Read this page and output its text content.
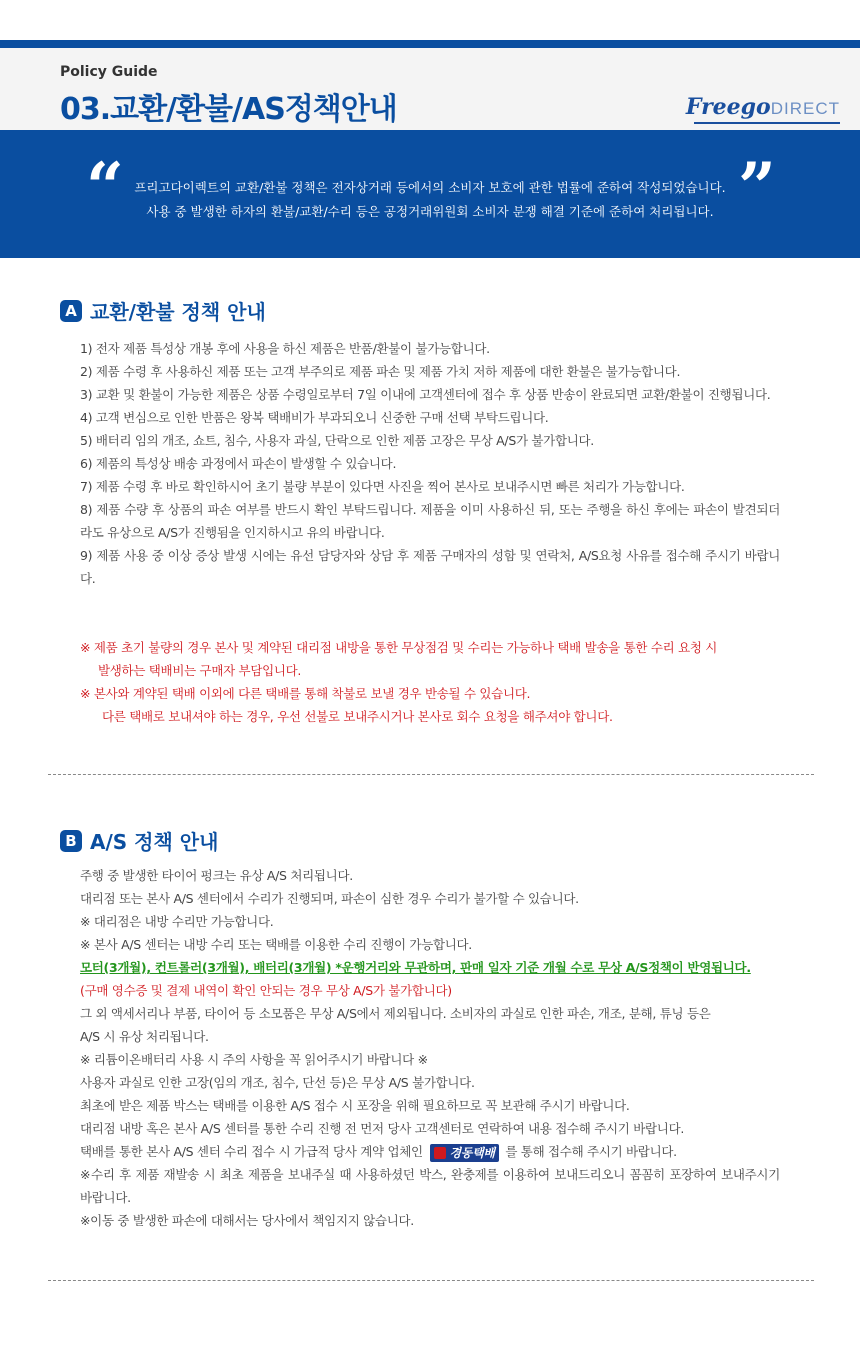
Policy Guide
03.교환/환불/AS정책안내	FreegoDIRECT
“	”
프리고다이렉트의 교환/환불 정책은 전자상거래 등에서의 소비자 보호에 관한 법률에 준하여 작성되었습니다.
사용 중 발생한 하자의 환불/교환/수리 등은 공정거래위원회 소비자 분쟁 해결 기준에 준하여 처리됩니다.
A 교환/환불 정책 안내

1) 전자 제품 특성상 개봉 후에 사용을 하신 제품은 반품/환불이 불가능합니다.

2) 제품 수령 후 사용하신 제품 또는 고객 부주의로 제품 파손 및 제품 가치 저하 제품에 대한 환불은 불가능합니다.

3) 교환 및 환불이 가능한 제품은 상품 수령일로부터 7일 이내에 고객센터에 접수 후 상품 반송이 완료되면 교환/환불이 진행됩니다.

4) 고객 변심으로 인한 반품은 왕복 택배비가 부과되오니 신중한 구매 선택 부탁드립니다.

5) 배터리 임의 개조, 쇼트, 침수, 사용자 과실, 단락으로 인한 제품 고장은 무상 A/S가 불가합니다.

6) 제품의 특성상 배송 과정에서 파손이 발생할 수 있습니다.

7) 제품 수령 후 바로 확인하시어 초기 불량 부분이 있다면 사진을 찍어 본사로 보내주시면 빠른 처리가 가능합니다.

8) 제품 수량 후 상품의 파손 여부를 반드시 확인 부탁드립니다. 제품을 이미 사용하신 뒤, 또는 주행을 하신 후에는 파손이 발견되더라도 유상으로 A/S가 진행됨을 인지하시고 유의 바랍니다.

9) 제품 사용 중 이상 증상 발생 시에는 유선 담당자와 상담 후 제품 구매자의 성함 및 연락처, A/S요청 사유를 접수해 주시기 바랍니다.

※ 제품 초기 불량의 경우 본사 및 계약된 대리점 내방을 통한 무상점검 및 수리는 가능하나 택배 발송을 통한 수리 요청 시
발생하는 택배비는 구매자 부담입니다.
※ 본사와 계약된 택배 이외에 다른 택배를 통해 착불로 보낼 경우 반송될 수 있습니다.
다른 택배로 보내셔야 하는 경우, 우선 선불로 보내주시거나 본사로 회수 요청을 해주셔야 합니다.
B A/S 정책 안내

주행 중 발생한 타이어 펑크는 유상 A/S 처리됩니다.

대리점 또는 본사 A/S 센터에서 수리가 진행되며, 파손이 심한 경우 수리가 불가할 수 있습니다.

※ 대리점은 내방 수리만 가능합니다.

※ 본사 A/S 센터는 내방 수리 또는 택배를 이용한 수리 진행이 가능합니다.

모터(3개월), 컨트롤러(3개월), 배터리(3개월) *운행거리와 무관하며, 판매 일자 기준 개월 수로 무상 A/S정책이 반영됩니다.

(구매 영수증 및 결제 내역이 확인 안되는 경우 무상 A/S가 불가합니다)

그 외 액세서리나 부품, 타이어 등 소모품은 무상 A/S에서 제외됩니다. 소비자의 과실로 인한 파손, 개조, 분해, 튜닝 등은

A/S 시 유상 처리됩니다.

※ 리튬이온배터리 사용 시 주의 사항을 꼭 읽어주시기 바랍니다 ※

사용자 과실로 인한 고장(임의 개조, 침수, 단선 등)은 무상 A/S 불가합니다.

최초에 받은 제품 박스는 택배를 이용한 A/S 접수 시 포장을 위해 필요하므로 꼭 보관해 주시기 바랍니다.

대리점 내방 혹은 본사 A/S 센터를 통한 수리 진행 전 먼저 당사 고객센터로 연락하여 내용 접수해 주시기 바랍니다.

택배를 통한 본사 A/S 센터 수리 접수 시 가급적 당사 계약 업체인 경동택배 를 통해 접수해 주시기 바랍니다.

※수리 후 제품 재발송 시 최초 제품을 보내주실 때 사용하셨던 박스, 완충제를 이용하여 보내드리오니 꼼꼼히 포장하여 보내주시기 바랍니다.

※이동 중 발생한 파손에 대해서는 당사에서 책임지지 않습니다.
